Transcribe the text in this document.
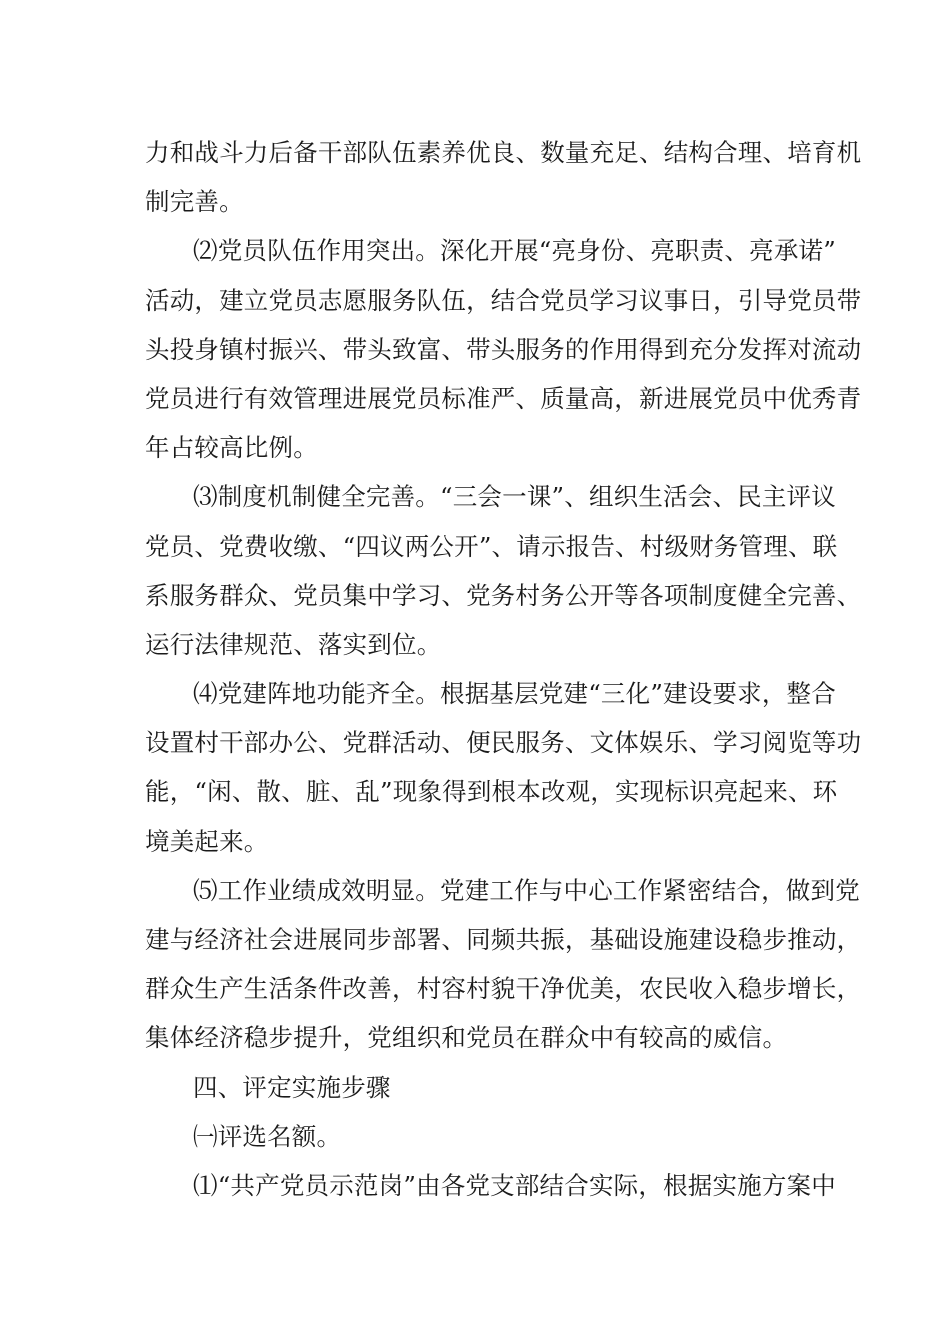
力和战斗力后备干部队伍素养优良、数量充足、结构合理、培育机
制完善。
⑵党员队伍作用突出。深化开展“亮身份、亮职责、亮承诺”
活动，建立党员志愿服务队伍，结合党员学习议事日，引导党员带
头投身镇村振兴、带头致富、带头服务的作用得到充分发挥对流动
党员进行有效管理进展党员标准严、质量高，新进展党员中优秀青
年占较高比例。
⑶制度机制健全完善。“三会一课”、组织生活会、民主评议
党员、党费收缴、“四议两公开”、请示报告、村级财务管理、联
系服务群众、党员集中学习、党务村务公开等各项制度健全完善、
运行法律规范、落实到位。
⑷党建阵地功能齐全。根据基层党建“三化”建设要求，整合
设置村干部办公、党群活动、便民服务、文体娱乐、学习阅览等功
能，“闲、散、脏、乱”现象得到根本改观，实现标识亮起来、环
境美起来。
⑸工作业绩成效明显。党建工作与中心工作紧密结合，做到党
建与经济社会进展同步部署、同频共振，基础设施建设稳步推动，
群众生产生活条件改善，村容村貌干净优美，农民收入稳步增长，
集体经济稳步提升，党组织和党员在群众中有较高的威信。
四、评定实施步骤
㈠评选名额。
⑴“共产党员示范岗”由各党支部结合实际，根据实施方案中
